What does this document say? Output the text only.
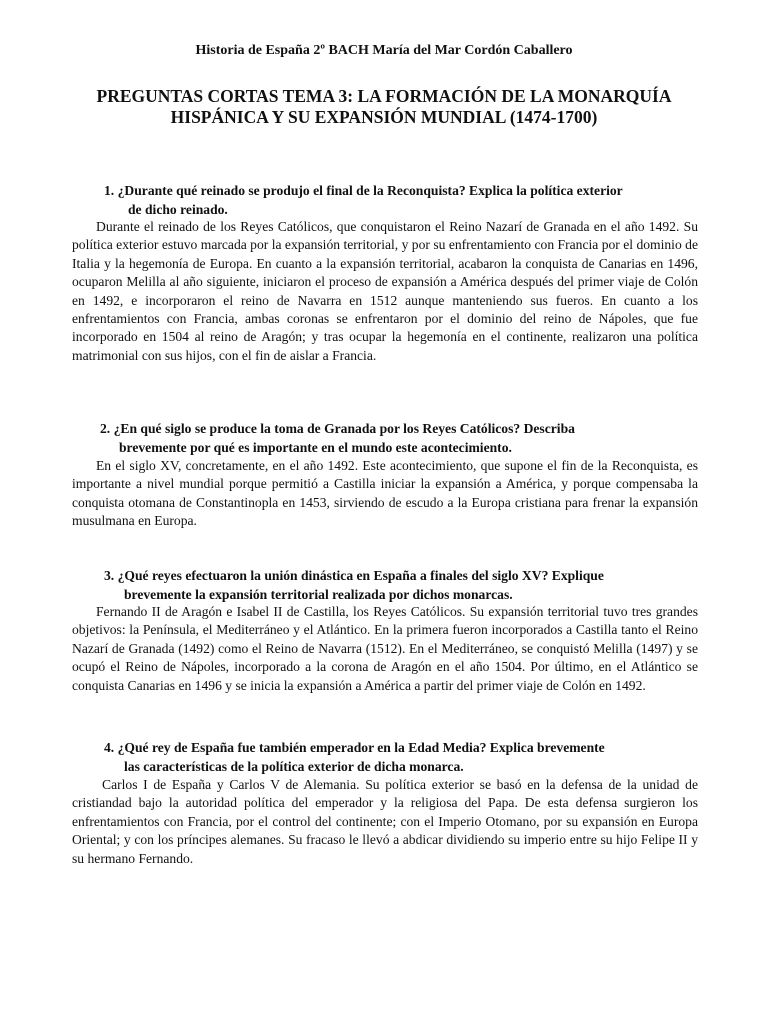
Historia de España 2º BACH María del Mar Cordón Caballero
PREGUNTAS CORTAS TEMA 3: LA FORMACIÓN DE LA MONARQUÍA HISPÁNICA Y SU EXPANSIÓN MUNDIAL (1474-1700)
1. ¿Durante qué reinado se produjo el final de la Reconquista? Explica la política exterior
de dicho reinado.

Durante el reinado de los Reyes Católicos, que conquistaron el Reino Nazarí de Granada en el año 1492. Su política exterior estuvo marcada por la expansión territorial, y por su enfrentamiento con Francia por el dominio de Italia y la hegemonía de Europa. En cuanto a la expansión territorial, acabaron la conquista de Canarias en 1496, ocuparon Melilla al año siguiente, iniciaron el proceso de expansión a América después del primer viaje de Colón en 1492, e incorporaron el reino de Navarra en 1512 aunque manteniendo sus fueros. En cuanto a los enfrentamientos con Francia, ambas coronas se enfrentaron por el dominio del reino de Nápoles, que fue incorporado en 1504 al reino de Aragón; y tras ocupar la hegemonía en el continente, realizaron una política matrimonial con sus hijos, con el fin de aislar a Francia.

2. ¿En qué siglo se produce la toma de Granada por los Reyes Católicos? Describa
brevemente por qué es importante en el mundo este acontecimiento.

En el siglo XV, concretamente, en el año 1492. Este acontecimiento, que supone el fin de la Reconquista, es importante a nivel mundial porque permitió a Castilla iniciar la expansión a América, y porque compensaba la conquista otomana de Constantinopla en 1453, sirviendo de escudo a la Europa cristiana para frenar la expansión musulmana en Europa.

3. ¿Qué reyes efectuaron la unión dinástica en España a finales del siglo XV? Explique
brevemente la expansión territorial realizada por dichos monarcas.

Fernando II de Aragón e Isabel II de Castilla, los Reyes Católicos. Su expansión territorial tuvo tres grandes objetivos: la Península, el Mediterráneo y el Atlántico. En la primera fueron incorporados a Castilla tanto el Reino Nazarí de Granada (1492) como el Reino de Navarra (1512). En el Mediterráneo, se conquistó Melilla (1497) y se ocupó el Reino de Nápoles, incorporado a la corona de Aragón en el año 1504. Por último, en el Atlántico se conquista Canarias en 1496 y se inicia la expansión a América a partir del primer viaje de Colón en 1492.

4. ¿Qué rey de España fue también emperador en la Edad Media? Explica brevemente
las características de la política exterior de dicha monarca.

Carlos I de España y Carlos V de Alemania. Su política exterior se basó en la defensa de la unidad de cristiandad bajo la autoridad política del emperador y la religiosa del Papa. De esta defensa surgieron los enfrentamientos con Francia, por el control del continente; con el Imperio Otomano, por su expansión en Europa Oriental; y con los príncipes alemanes. Su fracaso le llevó a abdicar dividiendo su imperio entre su hijo Felipe II y su hermano Fernando.
